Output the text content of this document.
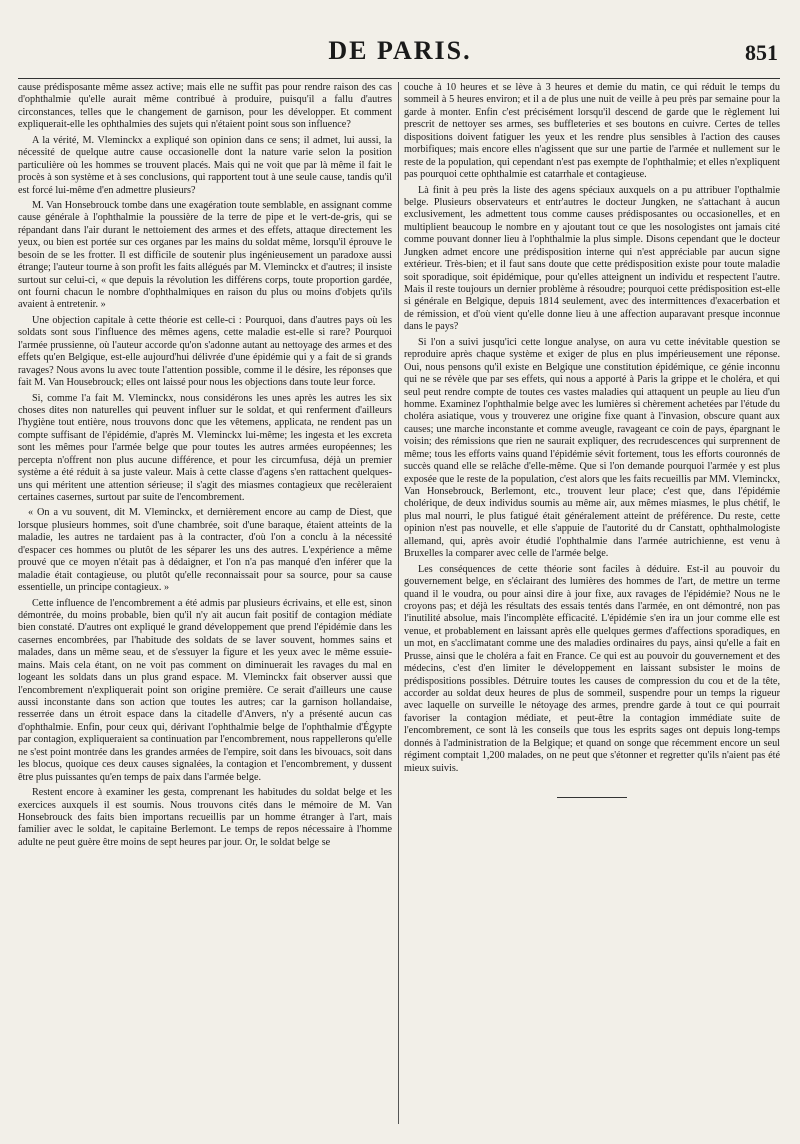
DE PARIS.	851

cause prédisposante même assez active; mais elle ne suffit pas pour rendre raison des cas d'ophthalmie qu'elle aurait même contribué à produire, puisqu'il a fallu d'autres circonstances, telles que le changement de garnison, pour les développer. Et comment expliquerait-elle les ophthalmies des sujets qui n'étaient point sous son influence?

A la vérité, M. Vleminckx a expliqué son opinion dans ce sens; il admet, lui aussi, la nécessité de quelque autre cause occasionelle dont la nature varie selon la position particulière où les hommes se trouvent placés. Mais qui ne voit que par là même il fait le procès à son système et à ses conclusions, qui rapportent tout à une seule cause, tandis qu'il est forcé lui-même d'en admettre plusieurs?

M. Van Honsebrouck tombe dans une exagération toute semblable, en assignant comme cause générale à l'ophthalmie la poussière de la terre de pipe et le vert-de-gris, qui se répandant dans l'air durant le nettoiement des armes et des effets, attaque directement les yeux, ou bien est portée sur ces organes par les mains du soldat même, lorsqu'il éprouve le besoin de se les frotter. Il est difficile de soutenir plus ingénieusement un paradoxe aussi étrange; l'auteur tourne à son profit les faits allégués par M. Vleminckx et d'autres; il insiste surtout sur celui-ci, « que depuis la révolution les différens corps, toute proportion gardée, ont fourni chacun le nombre d'ophthalmiques en raison du plus ou moins d'objets qu'ils avaient à entretenir. »

Une objection capitale à cette théorie est celle-ci : Pourquoi, dans d'autres pays où les soldats sont sous l'influence des mêmes agens, cette maladie est-elle si rare? Pourquoi l'armée prussienne, où l'auteur accorde qu'on s'adonne autant au nettoyage des armes et des effets qu'en Belgique, est-elle aujourd'hui délivrée d'une épidémie qui y a fait de si grands ravages? Nous avons lu avec toute l'attention possible, comme il le désire, les réponses que fait M. Van Housebrouck; elles ont laissé pour nous les objections dans toute leur force.

Si, comme l'a fait M. Vleminckx, nous considérons les unes après les autres les six choses dites non naturelles qui peuvent influer sur le soldat, et qui renferment d'ailleurs l'hygiène tout entière, nous trouvons donc que les vêtemens, applicata, ne rendent pas un compte suffisant de l'épidémie, d'après M. Vleminckx lui-même; les ingesta et les excreta sont les mêmes pour l'armée belge que pour toutes les autres armées européennes; les percepta n'offrent non plus aucune différence, et pour les circumfusa, déjà un premier système a été réduit à sa juste valeur. Mais à cette classe d'agens s'en rattachent quelques-uns qui méritent une attention sérieuse; il s'agit des miasmes contagieux que recèleraient certaines casernes, surtout par suite de l'encombrement.

« On a vu souvent, dit M. Vleminckx, et dernièrement encore au camp de Diest, que lorsque plusieurs hommes, soit d'une chambrée, soit d'une baraque, étaient atteints de la maladie, les autres ne tardaient pas à la contracter, d'où l'on a conclu à la nécessité d'espacer ces hommes ou plutôt de les séparer les uns des autres. L'expérience a même prouvé que ce moyen n'était pas à dédaigner, et l'on n'a pas manqué d'en inférer que la maladie était contagieuse, ou plutôt qu'elle reconnaissait pour sa source, pour sa cause essentielle, un principe contagieux. »

Cette influence de l'encombrement a été admis par plusieurs écrivains, et elle est, sinon démontrée, du moins probable, bien qu'il n'y ait aucun fait positif de contagion médiate bien constaté. D'autres ont expliqué le grand développement que prend l'épidémie dans les casernes encombrées, par l'habitude des soldats de se laver souvent, hommes sains et malades, dans un même seau, et de s'essuyer la figure et les yeux avec le même essuie-mains. Mais cela étant, on ne voit pas comment on diminuerait les ravages du mal en logeant les soldats dans un plus grand espace. M. Vleminckx fait observer aussi que l'encombrement n'expliquerait point son origine première. Ce serait d'ailleurs une cause aussi inconstante dans son action que toutes les autres; car la garnison hollandaise, resserrée dans un étroit espace dans la citadelle d'Anvers, n'y a présenté aucun cas d'ophthalmie. Enfin, pour ceux qui, dérivant l'ophthalmie belge de l'ophthalmie d'Égypte par contagion, expliqueraient sa continuation par l'encombrement, nous rappellerons qu'elle ne s'est point montrée dans les grandes armées de l'empire, soit dans les bivouacs, soit dans les blocus, quoique ces deux causes signalées, la contagion et l'encombrement, y dussent être plus puissantes qu'en temps de paix dans l'armée belge.

Restent encore à examiner les gesta, comprenant les habitudes du soldat belge et les exercices auxquels il est soumis. Nous trouvons cités dans le mémoire de M. Van Honsebrouck des faits bien importans recueillis par un homme étranger à l'art, mais familier avec le soldat, le capitaine Berlemont. Le temps de repos nécessaire à l'homme adulte ne peut guère être moins de sept heures par jour. Or, le soldat belge se

couche à 10 heures et se lève à 3 heures et demie du matin, ce qui réduit le temps du sommeil à 5 heures environ; et il a de plus une nuit de veille à peu près par semaine pour la garde à monter. Enfin c'est précisément lorsqu'il descend de garde que le règlement lui prescrit de nettoyer ses armes, ses buffleteries et ses boutons en cuivre. Certes de telles dispositions doivent fatiguer les yeux et les rendre plus sensibles à l'action des causes morbifiques; mais encore elles n'agissent que sur une partie de l'armée et nullement sur le reste de la population, qui cependant n'est pas exempte de l'ophthalmie; et elles n'expliquent pas pourquoi cette ophthalmie est catarrhale et contagieuse.

Là finit à peu près la liste des agens spéciaux auxquels on a pu attribuer l'opthalmie belge. Plusieurs observateurs et entr'autres le docteur Jungken, ne s'attachant à aucun exclusivement, les admettent tous comme causes prédisposantes ou occasionelles, et en multiplient beaucoup le nombre en y ajoutant tout ce que les nosologistes ont jamais cité comme pouvant donner lieu à l'ophthalmie la plus simple. Disons cependant que le docteur Jungken admet encore une prédisposition interne qui n'est appréciable par aucun signe extérieur. Très-bien; et il faut sans doute que cette prédisposition existe pour toute maladie soit sporadique, soit épidémique, pour qu'elles atteignent un individu et respectent l'autre. Mais il reste toujours un dernier problème à résoudre; pourquoi cette prédisposition est-elle si générale en Belgique, depuis 1814 seulement, avec des intermittences d'exacerbation et de rémission, et d'où vient qu'elle donne lieu à une affection auparavant presque inconnue dans le pays?

Si l'on a suivi jusqu'ici cette longue analyse, on aura vu cette inévitable question se reproduire après chaque système et exiger de plus en plus impérieusement une réponse. Oui, nous pensons qu'il existe en Belgique une constitution épidémique, ce génie inconnu qui ne se révèle que par ses effets, qui nous a apporté à Paris la grippe et le choléra, et qui seul peut rendre compte de toutes ces vastes maladies qui attaquent un peuple au lieu d'un homme. Examinez l'ophthalmie belge avec les lumières si chèrement achetées par l'étude du choléra asiatique, vous y trouverez une origine fixe quant à l'invasion, obscure quant aux causes; une marche inconstante et comme aveugle, ravageant ce coin de pays, épargnant le voisin; des rémissions que rien ne saurait expliquer, des recrudescences qui surprennent de même; tous les efforts vains quand l'épidémie sévit fortement, tous les efforts couronnés de succès quand elle se relâche d'elle-même. Que si l'on demande pourquoi l'armée y est plus exposée que le reste de la population, c'est alors que les faits recueillis par MM. Vleminckx, Van Honsebrouck, Berlemont, etc., trouvent leur place; c'est que, dans l'épidémie cholérique, de deux individus soumis au même air, aux mêmes miasmes, le plus chétif, le plus mal nourri, le plus fatigué était généralement atteint de préférence. Du reste, cette opinion n'est pas nouvelle, et elle s'appuie de l'autorité du dr Canstatt, ophthalmologiste allemand, qui, après avoir étudié l'ophthalmie dans l'armée autrichienne, est venu à Bruxelles la comparer avec celle de l'armée belge.

Les conséquences de cette théorie sont faciles à déduire. Est-il au pouvoir du gouvernement belge, en s'éclairant des lumières des hommes de l'art, de mettre un terme quand il le voudra, ou pour ainsi dire à jour fixe, aux ravages de l'épidémie? Nous ne le croyons pas; et déjà les résultats des essais tentés dans l'armée, en ont démontré, non pas l'inutilité absolue, mais l'incomplète efficacité. L'épidémie s'en ira un jour comme elle est venue, et probablement en laissant après elle quelques germes d'affections sporadiques, en un mot, en s'acclimatant comme une des maladies ordinaires du pays, ainsi qu'elle a fait en Prusse, ainsi que le choléra a fait en France. Ce qui est au pouvoir du gouvernement et des médecins, c'est d'en limiter le développement en laissant subsister le moins de prédispositions possibles. Détruire toutes les causes de compression du cou et de la tête, accorder au soldat deux heures de plus de sommeil, suspendre pour un temps la rigueur avec laquelle on surveille le nétoyage des armes, prendre garde à tout ce qui pourrait favoriser la contagion médiate, et peut-être la contagion immédiate suite de l'encombrement, ce sont là les conseils que tous les esprits sages ont depuis long-temps donnés à l'administration de la Belgique; et quand on songe que récemment encore un seul régiment comptait 1,200 malades, on ne peut que s'étonner et regretter qu'ils n'aient pas été mieux suivis.
